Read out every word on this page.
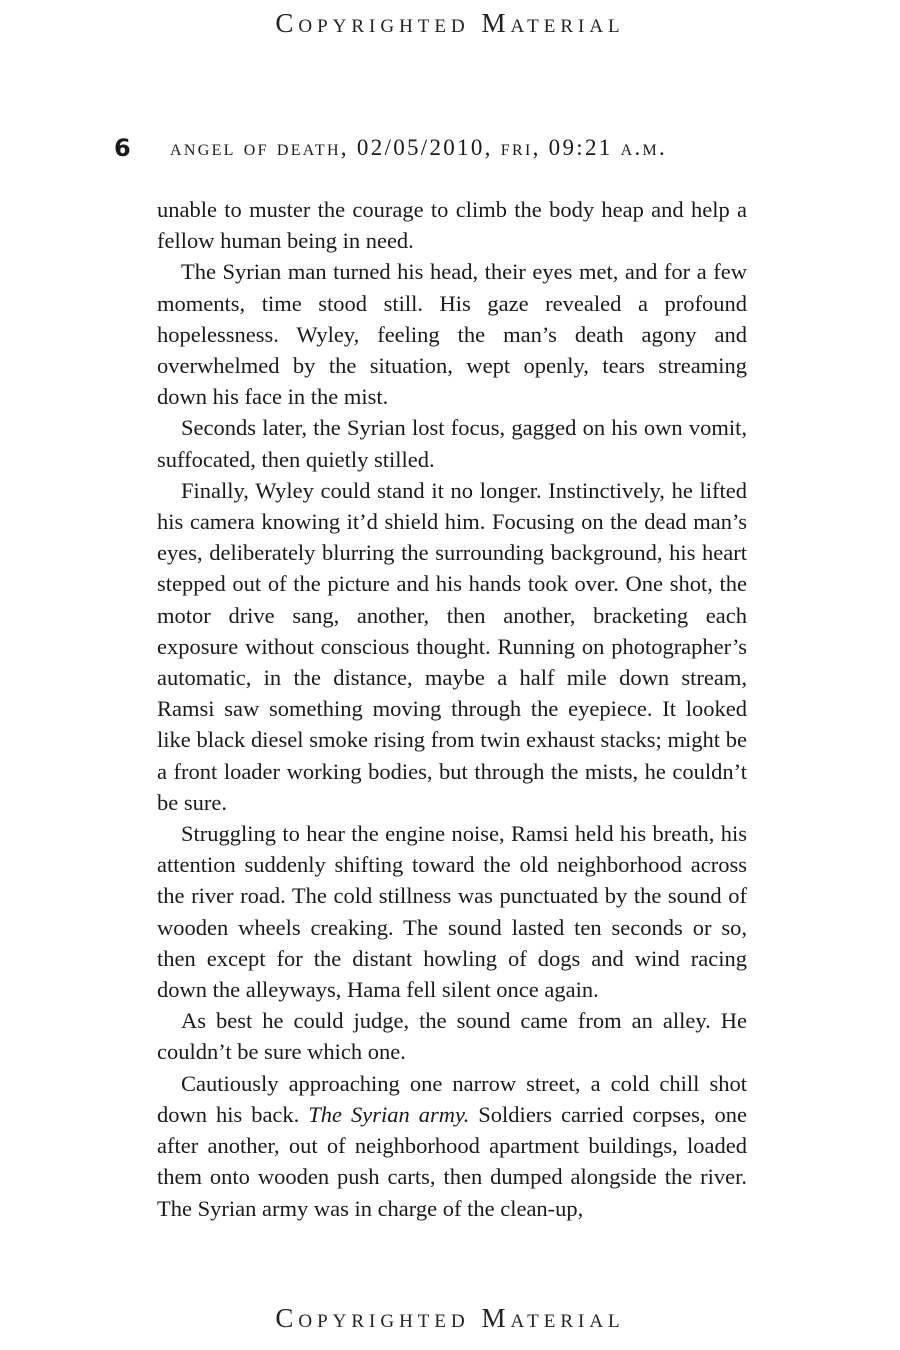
Copyrighted Material
6 angel of death, 02/05/2010, fri, 09:21 a.m.

unable to muster the courage to climb the body heap and help a fellow human being in need.

The Syrian man turned his head, their eyes met, and for a few moments, time stood still. His gaze revealed a profound hopelessness. Wyley, feeling the man’s death agony and overwhelmed by the situation, wept openly, tears streaming down his face in the mist.

Seconds later, the Syrian lost focus, gagged on his own vomit, suffocated, then quietly stilled.

Finally, Wyley could stand it no longer. Instinctively, he lifted his camera knowing it’d shield him. Focusing on the dead man’s eyes, deliberately blurring the surrounding background, his heart stepped out of the picture and his hands took over. One shot, the motor drive sang, another, then another, bracketing each exposure without conscious thought. Running on photographer’s automatic, in the distance, maybe a half mile down stream, Ramsi saw something moving through the eyepiece. It looked like black diesel smoke rising from twin exhaust stacks; might be a front loader working bodies, but through the mists, he couldn’t be sure.

Struggling to hear the engine noise, Ramsi held his breath, his attention suddenly shifting toward the old neighborhood across the river road. The cold stillness was punctuated by the sound of wooden wheels creaking. The sound lasted ten seconds or so, then except for the distant howling of dogs and wind racing down the alleyways, Hama fell silent once again.

As best he could judge, the sound came from an alley. He couldn’t be sure which one.

Cautiously approaching one narrow street, a cold chill shot down his back. The Syrian army. Soldiers carried corpses, one after another, out of neighborhood apartment buildings, loaded them onto wooden push carts, then dumped alongside the river. The Syrian army was in charge of the clean-up,

Copyrighted Material
